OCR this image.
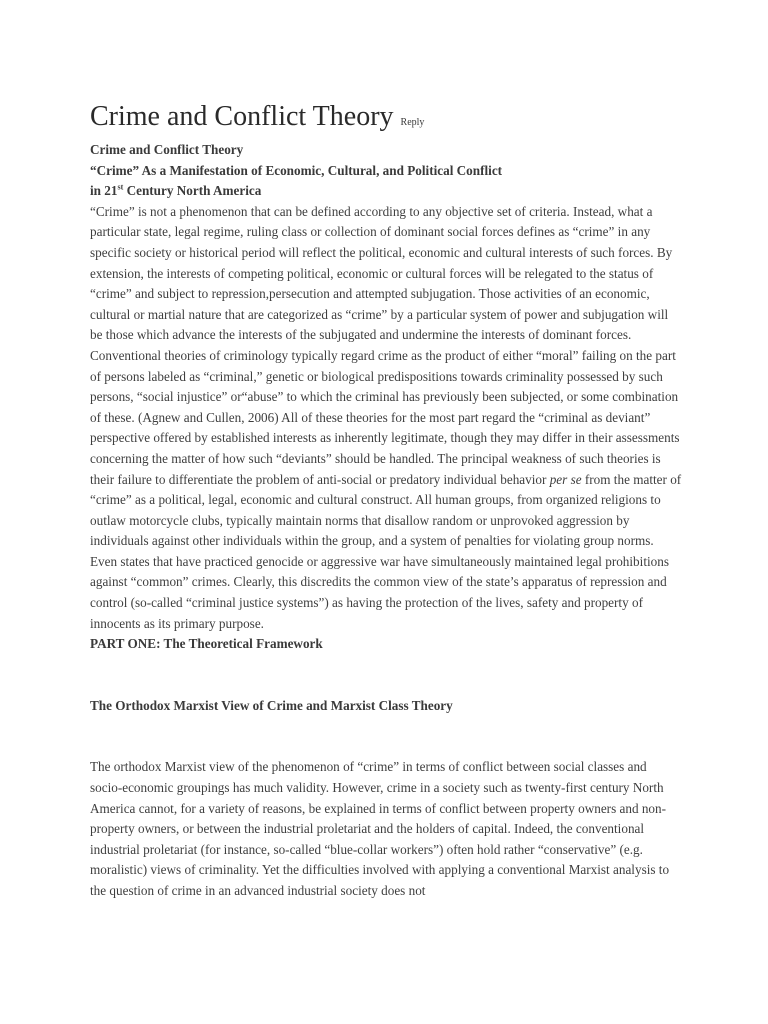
Crime and Conflict Theory Reply

Crime and Conflict Theory

“Crime” As a Manifestation of Economic, Cultural, and Political Conflict

in 21st Century North America

“Crime” is not a phenomenon that can be defined according to any objective set of criteria. Instead, what a particular state, legal regime, ruling class or collection of dominant social forces defines as “crime” in any specific society or historical period will reflect the political, economic and cultural interests of such forces. By extension, the interests of competing political, economic or cultural forces will be relegated to the status of “crime” and subject to repression,persecution and attempted subjugation. Those activities of an economic, cultural or martial nature that are categorized as “crime” by a particular system of power and subjugation will be those which advance the interests of the subjugated and undermine the interests of dominant forces. Conventional theories of criminology typically regard crime as the product of either “moral” failing on the part of persons labeled as “criminal,” genetic or biological predispositions towards criminality possessed by such persons, “social injustice” or“abuse” to which the criminal has previously been subjected, or some combination of these. (Agnew and Cullen, 2006) All of these theories for the most part regard the “criminal as deviant” perspective offered by established interests as inherently legitimate, though they may differ in their assessments concerning the matter of how such “deviants” should be handled. The principal weakness of such theories is their failure to differentiate the problem of anti-social or predatory individual behavior per se from the matter of “crime” as a political, legal, economic and cultural construct. All human groups, from organized religions to outlaw motorcycle clubs, typically maintain norms that disallow random or unprovoked aggression by individuals against other individuals within the group, and a system of penalties for violating group norms. Even states that have practiced genocide or aggressive war have simultaneously maintained legal prohibitions against “common” crimes. Clearly, this discredits the common view of the state’s apparatus of repression and control (so-called “criminal justice systems”) as having the protection of the lives, safety and property of innocents as its primary purpose.

PART ONE: The Theoretical Framework

The Orthodox Marxist View of Crime and Marxist Class Theory

The orthodox Marxist view of the phenomenon of “crime” in terms of conflict between social classes and socio-economic groupings has much validity. However, crime in a society such as twenty-first century North America cannot, for a variety of reasons, be explained in terms of conflict between property owners and non-property owners, or between the industrial proletariat and the holders of capital. Indeed, the conventional industrial proletariat (for instance, so-called “blue-collar workers”) often hold rather “conservative” (e.g. moralistic) views of criminality. Yet the difficulties involved with applying a conventional Marxist analysis to the question of crime in an advanced industrial society does not
